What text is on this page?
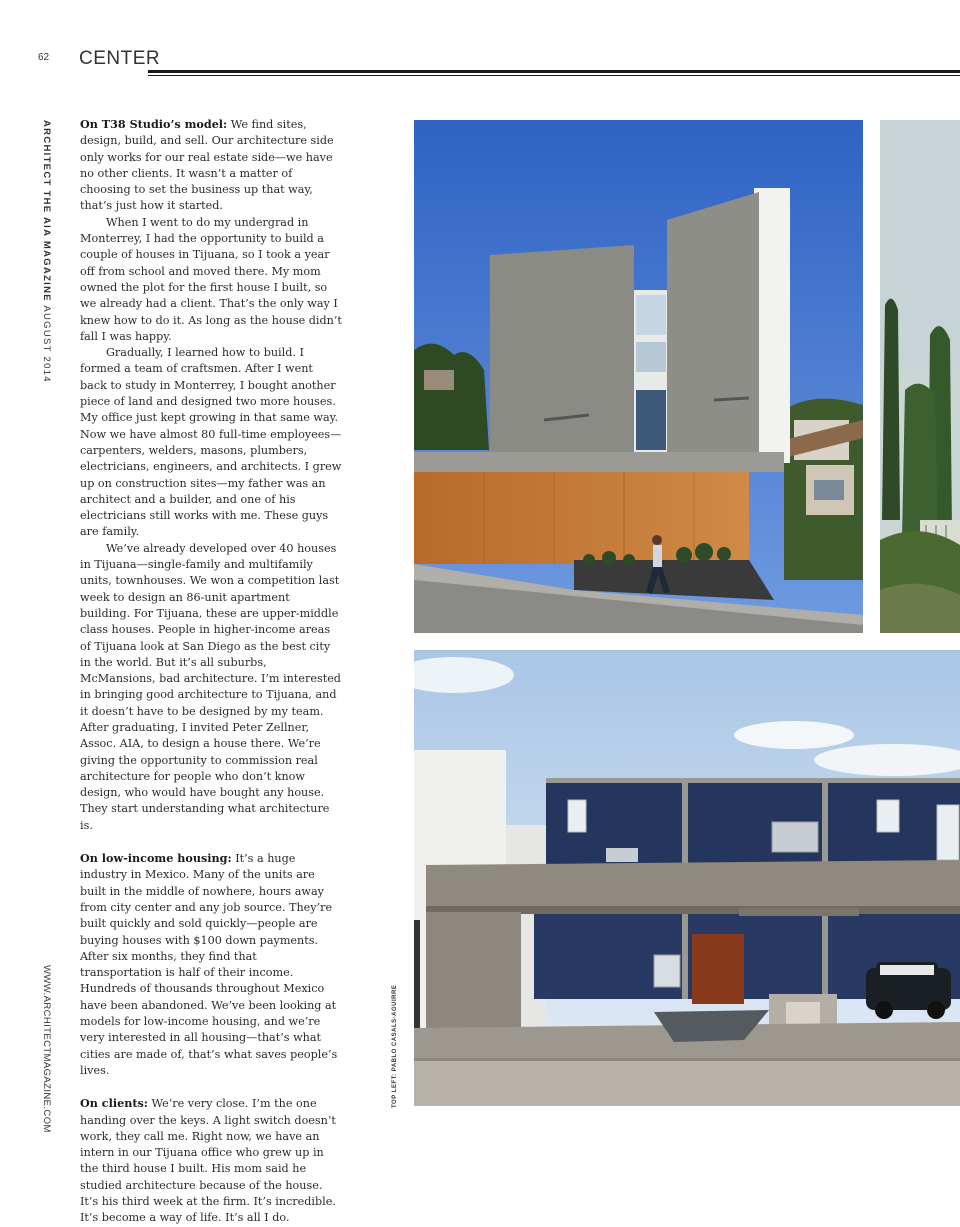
62 CENTER
ARCHITECT THE AIA MAGAZINE AUGUST 2014
WWW.ARCHITECTMAGAZINE.COM	TOP LEFT: PABLO CASALS-AGUIRRE

On T38 Studio’s model: We find sites, design, build, and sell. Our architecture side only works for our real estate side—we have no other clients. It wasn’t a matter of choosing to set the business up that way, that’s just how it started.

When I went to do my undergrad in Monterrey, I had the opportunity to build a couple of houses in Tijuana, so I took a year off from school and moved there. My mom owned the plot for the first house I built, so we already had a client. That’s the only way I knew how to do it. As long as the house didn’t fall I was happy.

Gradually, I learned how to build. I formed a team of craftsmen. After I went back to study in Monterrey, I bought another piece of land and designed two more houses. My office just kept growing in that same way. Now we have almost 80 full-time employees—carpenters, welders, masons, plumbers, electricians, engineers, and architects. I grew up on construction sites—my father was an architect and a builder, and one of his electricians still works with me. These guys are family.

We’ve already developed over 40 houses in Tijuana—single-family and multifamily units, townhouses. We won a competition last week to design an 86-unit apartment building. For Tijuana, these are upper-middle class houses. People in higher-income areas of Tijuana look at San Diego as the best city in the world. But it’s all suburbs, McMansions, bad architecture. I’m interested in bringing good architecture to Tijuana, and it doesn’t have to be designed by my team. After graduating, I invited Peter Zellner, Assoc. AIA, to design a house there. We’re giving the opportunity to commission real architecture for people who don’t know design, who would have bought any house. They start understanding what architecture is.

On low-income housing: It’s a huge industry in Mexico. Many of the units are built in the middle of nowhere, hours away from city center and any job source. They’re built quickly and sold quickly—people are buying houses with $100 down payments. After six months, they find that transportation is half of their income. Hundreds of thousands throughout Mexico have been abandoned. We’ve been looking at models for low-income housing, and we’re very interested in all housing—that’s what cities are made of, that’s what saves people’s lives.

On clients: We’re very close. I’m the one handing over the keys. A light switch doesn’t work, they call me. Right now, we have an intern in our Tijuana office who grew up in the third house I built. His mom said he studied architecture because of the house. It’s his third week at the firm. It’s incredible. It’s become a way of life. It’s all I do.
